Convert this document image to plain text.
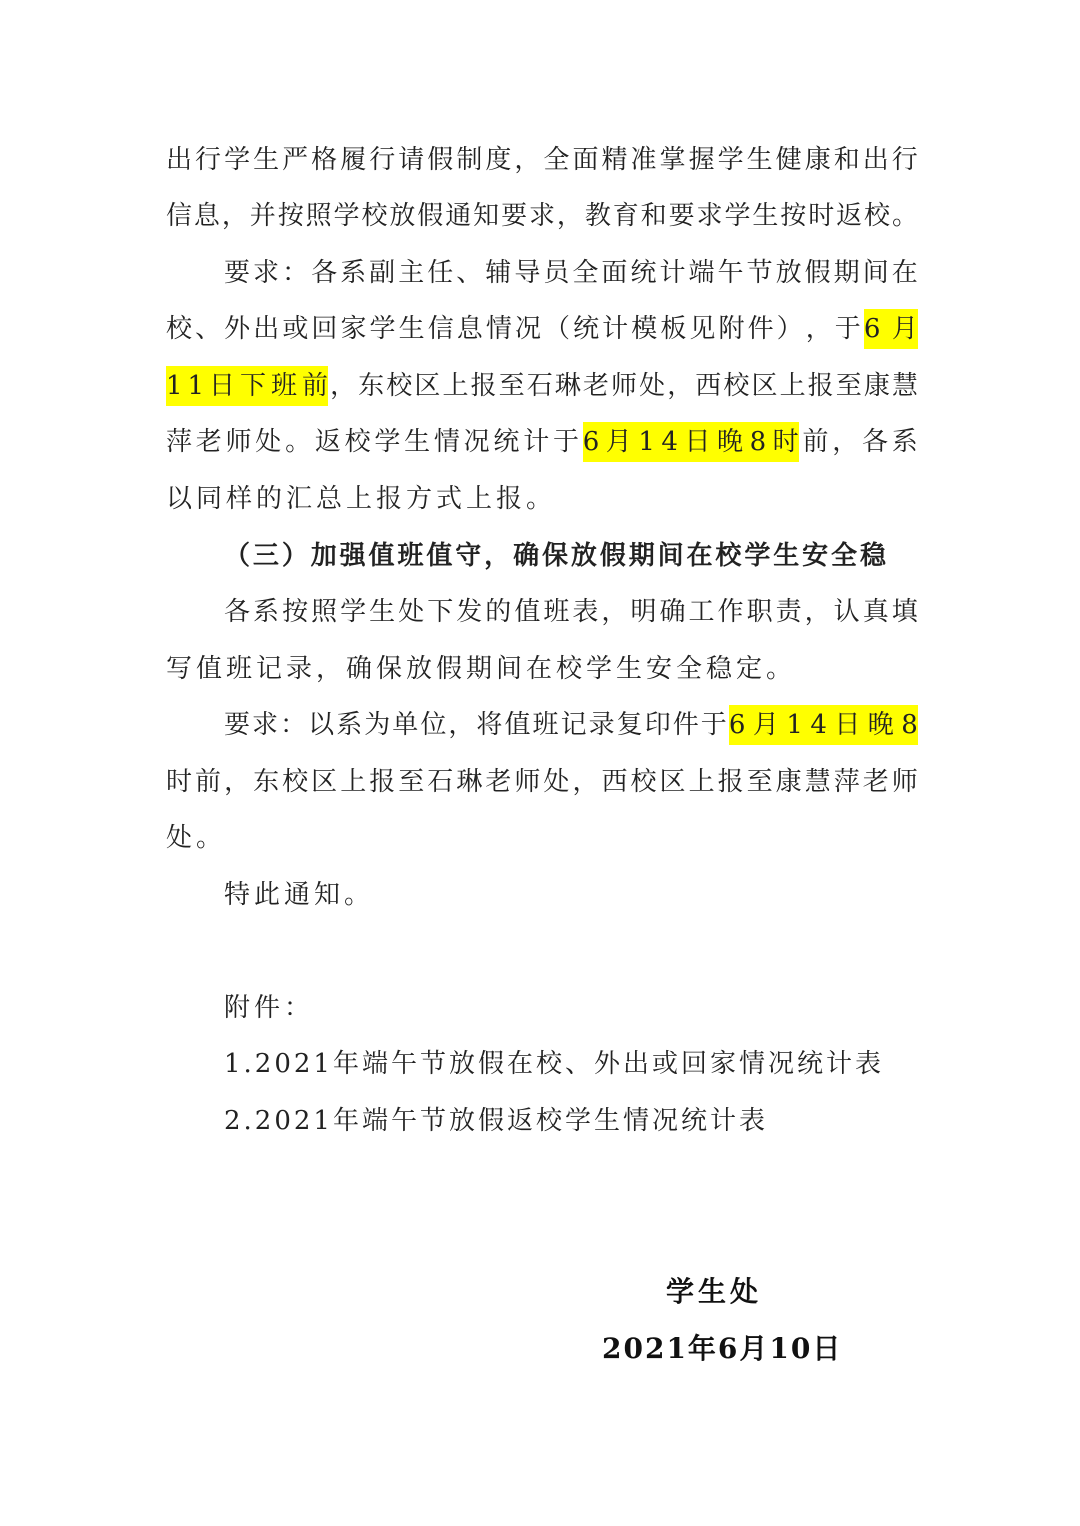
出 行 学 生 严 格 履 行 请 假 制 度 ， 全 面 精 准 掌 握 学 生 健 康 和 出 行
信 息 ， 并 按 照 学 校 放 假 通 知 要 求 ， 教 育 和 要 求 学 生 按 时 返 校 。
要 求 ： 各 系 副 主 任 、 辅 导 员 全 面 统 计 端 午 节 放 假 期 间 在
校 、 外 出 或 回 家 学 生 信 息 情 况 （ 统 计 模 板 见 附 件 ） ， 于 6 月
1 1 日 下 班 前 ， 东 校 区 上 报 至 石 琳 老 师 处 ， 西 校 区 上 报 至 康 慧
萍 老 师 处 。 返 校 学 生 情 况 统 计 于 6 月 1 4 日 晚 8 时 前 ， 各 系
以同样的汇总上报方式上报。
（ 三 ） 加 强 值 班 值 守 ， 确 保 放 假 期 间 在 校 学 生 安 全 稳
各 系 按 照 学 生 处 下 发 的 值 班 表 ， 明 确 工 作 职 责 ， 认 真 填
写值班记录，确保放假期间在校学生安全稳定。
要 求 ： 以 系 为 单 位 ， 将 值 班 记 录 复 印 件 于 6 月 1 4 日 晚 8
时 前 ， 东 校 区 上 报 至 石 琳 老 师 处 ， 西 校 区 上 报 至 康 慧 萍 老 师
处。
特此通知。
附件：
1.2021年端午节放假在校、外出或回家情况统计表
2.2021年端午节放假返校学生情况统计表
学生处
2021年6月10日
